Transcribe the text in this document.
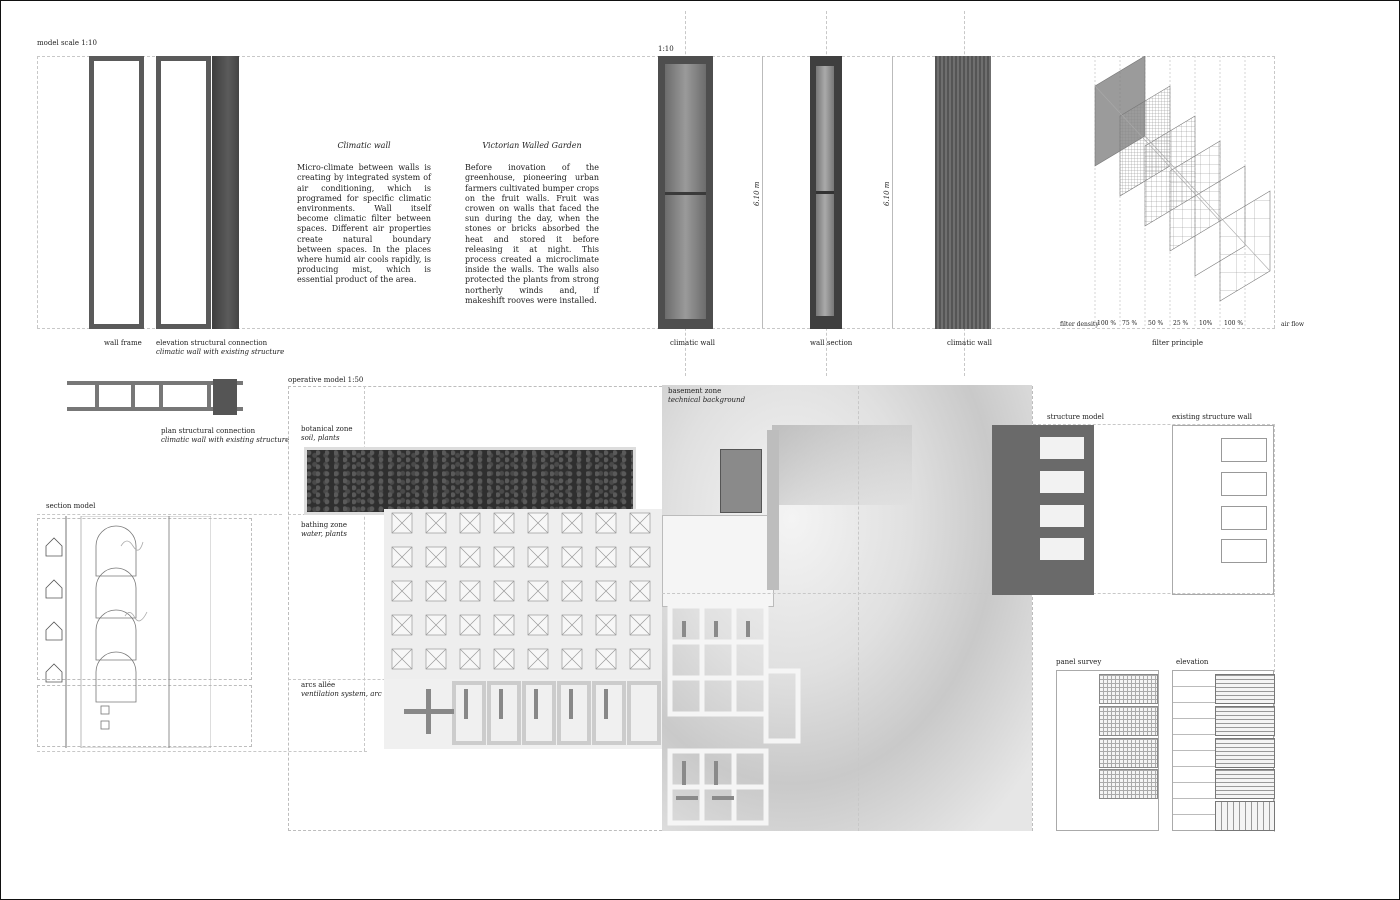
model scale 1:10
1:10
wall frame elevation structural connection
climatic wall with existing structure
Climatic wall

Micro-climate between walls is creating by integrated system of air conditioning, which is programed for specific climatic environments. Wall itself become climatic filter between spaces. Different air properties create natural boundary between spaces. In the places where humid air cools rapidly, is producing mist, which is essential product of the area.

Victorian Walled Garden

Before inovation of the greenhouse, pioneering urban farmers cultivated bumper crops on the fruit walls. Fruit was crowen on walls that faced the sun during the day, when the stones or bricks absorbed the heat and stored it before releasing it at night. This process created a microclimate inside the walls. The walls also protected the plants from strong northerly winds and, if makeshift rooves were installed.

6.10 m	6.10 m
climatic wall	wall section	climatic wall
filter density	air flow
100 % 75 % 50 % 25 % 10% 100 %
filter principle
plan structural connection
climatic wall with existing structure
section model
operative model 1:50
botanical zone
soil, plants
bathing zone
water, plants
arcs allée
ventilation system, arc
basement zone
technical background
structure model	existing structure wall
panel survey	elevation
